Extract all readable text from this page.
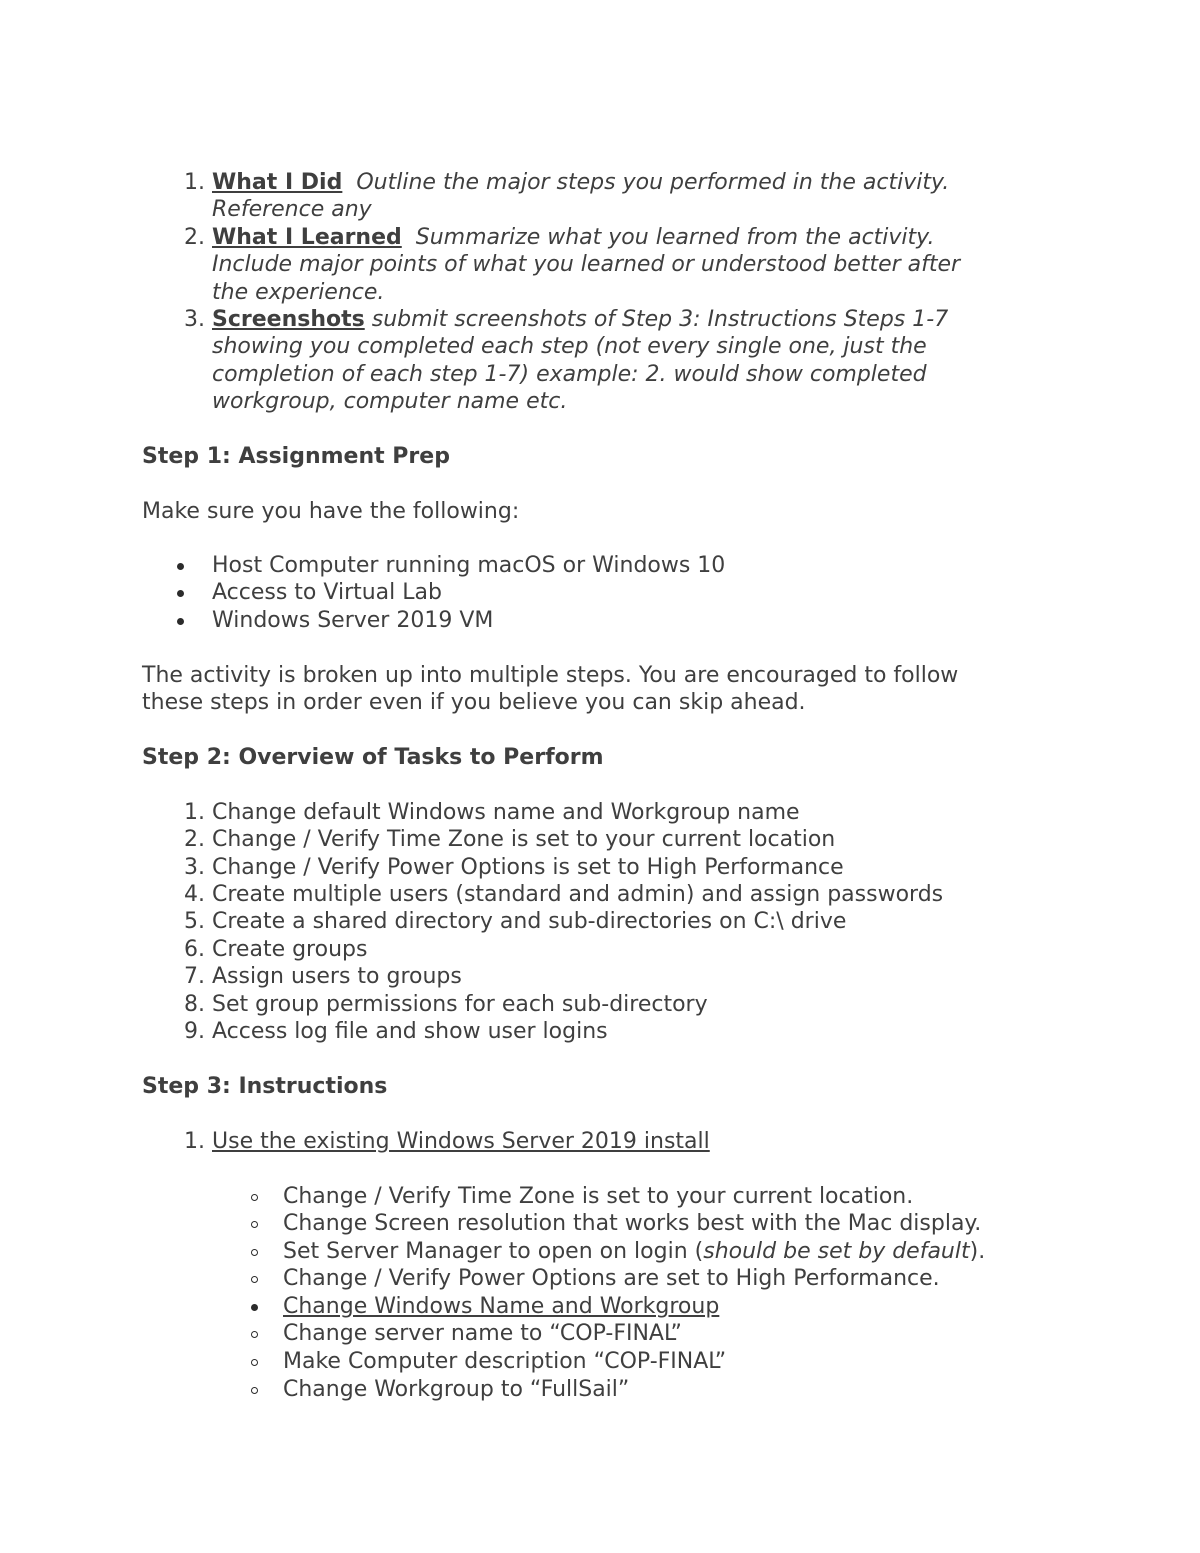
1. What I Did Outline the major steps you performed in the activity.
Reference any
2. What I Learned Summarize what you learned from the activity.
Include major points of what you learned or understood better after
the experience.
3. Screenshots submit screenshots of Step 3: Instructions Steps 1-7
showing you completed each step (not every single one, just the
completion of each step 1-7) example: 2. would show completed
workgroup, computer name etc.
Step 1: Assignment Prep
Make sure you have the following:
Host Computer running macOS or Windows 10
Access to Virtual Lab
Windows Server 2019 VM
The activity is broken up into multiple steps. You are encouraged to follow
these steps in order even if you believe you can skip ahead.
Step 2: Overview of Tasks to Perform
1. Change default Windows name and Workgroup name
2. Change / Verify Time Zone is set to your current location
3. Change / Verify Power Options is set to High Performance
4. Create multiple users (standard and admin) and assign passwords
5. Create a shared directory and sub-directories on C:\ drive
6. Create groups
7. Assign users to groups
8. Set group permissions for each sub-directory
9. Access log file and show user logins
Step 3: Instructions
1. Use the existing Windows Server 2019 install
Change / Verify Time Zone is set to your current location.
Change Screen resolution that works best with the Mac display.
Set Server Manager to open on login (should be set by default).
Change / Verify Power Options are set to High Performance.
Change Windows Name and Workgroup
Change server name to “COP-FINAL”
Make Computer description “COP-FINAL”
Change Workgroup to “FullSail”
